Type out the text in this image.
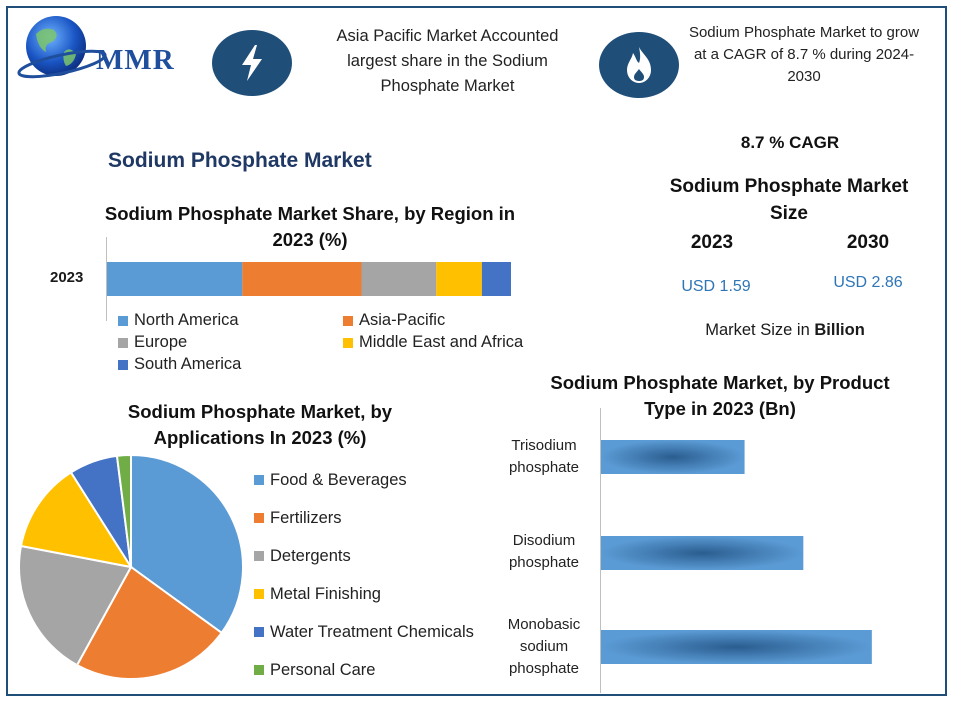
MMR
Asia Pacific Market Accounted largest share in the Sodium Phosphate Market
Sodium Phosphate Market to grow at a CAGR of 8.7 % during 2024-2030
Sodium Phosphate Market
8.7 % CAGR
Sodium Phosphate Market Size
2023	2030
USD 1.59	USD 2.86
Market Size in Billion
Sodium Phosphate Market Share, by Region in 2023 (%)
2023
North America	Asia-Pacific
Europe	Middle East and Africa
South America
Sodium Phosphate Market, by Applications In 2023 (%)
Food & Beverages
Fertilizers
Detergents
Metal Finishing
Water Treatment Chemicals
Personal Care
Sodium Phosphate Market, by Product Type in 2023 (Bn)
Trisodium phosphate
Disodium phosphate
Monobasic sodium phosphate
